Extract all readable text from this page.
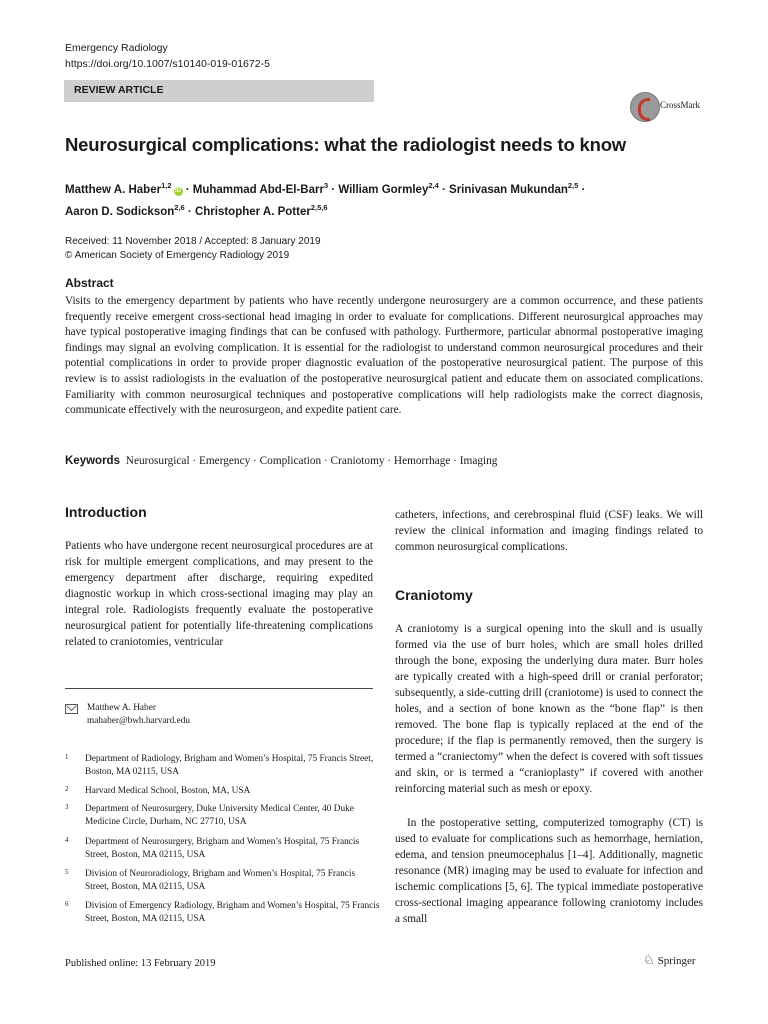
Emergency Radiology
https://doi.org/10.1007/s10140-019-01672-5
REVIEW ARTICLE
CrossMark
Neurosurgical complications: what the radiologist needs to know
Matthew A. Haber$^{1,2}$iD · Muhammad Abd-El-Barr$^3$ · William Gormley$^{2,4}$ · Srinivasan Mukundan$^{2,5}$ ·
Aaron D. Sodickson$^{2,6}$ · Christopher A. Potter$^{2,5,6}$
Received: 11 November 2018 / Accepted: 8 January 2019
© American Society of Emergency Radiology 2019
Abstract
Visits to the emergency department by patients who have recently undergone neurosurgery are a common occurrence, and these patients frequently receive emergent cross-sectional head imaging in order to evaluate for complications. Different neurosurgical approaches may have typical postoperative imaging findings that can be confused with pathology. Furthermore, particular abnormal postoperative imaging findings may signal an evolving complication. It is essential for the radiologist to understand common neurosurgical procedures and their potential complications in order to provide proper diagnostic evaluation of the postoperative neurosurgical patient. The purpose of this review is to assist radiologists in the evaluation of the postoperative neurosurgical patient and educate them on associated complications. Familiarity with common neurosurgical techniques and postoperative complications will help radiologists make the correct diagnosis, communicate effectively with the neurosurgeon, and expedite patient care.
Keywords Neurosurgical · Emergency · Complication · Craniotomy · Hemorrhage · Imaging
Introduction
Patients who have undergone recent neurosurgical procedures are at risk for multiple emergent complications, and may present to the emergency department after discharge, requiring expedited diagnostic workup in which cross-sectional imaging may play an integral role. Radiologists frequently evaluate the postoperative neurosurgical patient for potentially life-threatening complications related to craniotomies, ventricular
catheters, infections, and cerebrospinal fluid (CSF) leaks. We will review the clinical information and imaging findings related to common neurosurgical complications.
Craniotomy
A craniotomy is a surgical opening into the skull and is usually formed via the use of burr holes, which are small holes drilled through the bone, exposing the underlying dura mater. Burr holes are typically created with a high-speed drill or cranial perforator; subsequently, a side-cutting drill (craniotome) is used to connect the holes, and a section of bone known as the “bone flap” is then removed. The bone flap is typically replaced at the end of the procedure; if the flap is permanently removed, then the surgery is termed a “craniectomy” when the defect is covered with soft tissues and skin, or is termed a “cranioplasty” if covered with another reinforcing material such as mesh or epoxy.
In the postoperative setting, computerized tomography (CT) is used to evaluate for complications such as hemorrhage, herniation, edema, and tension pneumocephalus [1–4]. Additionally, magnetic resonance (MR) imaging may be used to evaluate for infection and ischemic complications [5, 6]. The typical immediate postoperative cross-sectional imaging appearance following craniotomy includes a small
Matthew A. Haber
mahaber@bwh.harvard.edu
1 Department of Radiology, Brigham and Women’s Hospital, 75 Francis Street, Boston, MA 02115, USA
2 Harvard Medical School, Boston, MA, USA
3 Department of Neurosurgery, Duke University Medical Center, 40 Duke Medicine Circle, Durham, NC 27710, USA
4 Department of Neurosurgery, Brigham and Women’s Hospital, 75 Francis Street, Boston, MA 02115, USA
5 Division of Neuroradiology, Brigham and Women’s Hospital, 75 Francis Street, Boston, MA 02115, USA
6 Division of Emergency Radiology, Brigham and Women’s Hospital, 75 Francis Street, Boston, MA 02115, USA
Published online: 13 February 2019	♘ Springer
